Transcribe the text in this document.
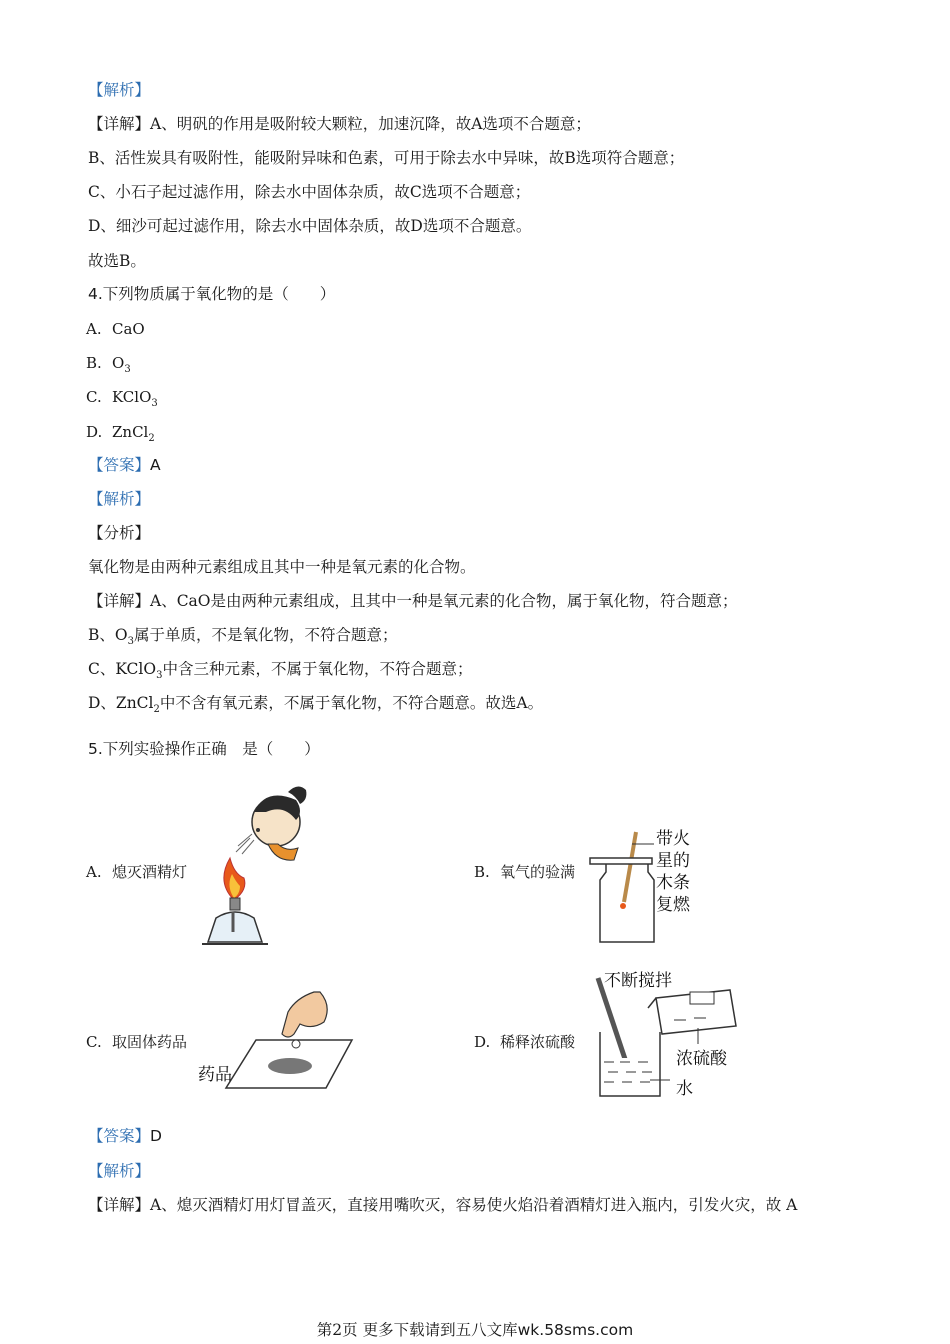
【解析】
【详解】A、明矾的作用是吸附较大颗粒，加速沉降，故A选项不合题意；
B、活性炭具有吸附性，能吸附异味和色素，可用于除去水中异味，故B选项符合题意；
C、小石子起过滤作用，除去水中固体杂质，故C选项不合题意；
D、细沙可起过滤作用，除去水中固体杂质，故D选项不合题意。
故选B。
4.下列物质属于氧化物的是（　　）
A. CaO
B. $O_3$
C. KClO$_3$
D. ZnCl$_2$
【答案】A
【解析】
【分析】
氧化物是由两种元素组成且其中一种是氧元素的化合物。
【详解】A、CaO是由两种元素组成，且其中一种是氧元素的化合物，属于氧化物，符合题意；
B、$O_3$属于单质，不是氧化物，不符合题意；
C、KClO$_3$中含三种元素，不属于氧化物，不符合题意；
D、ZnCl$_2$中不含有氧元素，不属于氧化物，不符合题意。故选A。
5.下列实验操作正确　是（　　）
A. 熄灭酒精灯	B. 氧气的验满
C. 取固体药品	D. 稀释浓硫酸
带火
星的
木条
复燃
药品
不断搅拌
浓硫酸
水
【答案】D
【解析】
【详解】A、熄灭酒精灯用灯冒盖灭，直接用嘴吹灭，容易使火焰沿着酒精灯进入瓶内，引发火灾，故 A
第2页 更多下载请到五八文库wk.58sms.com
